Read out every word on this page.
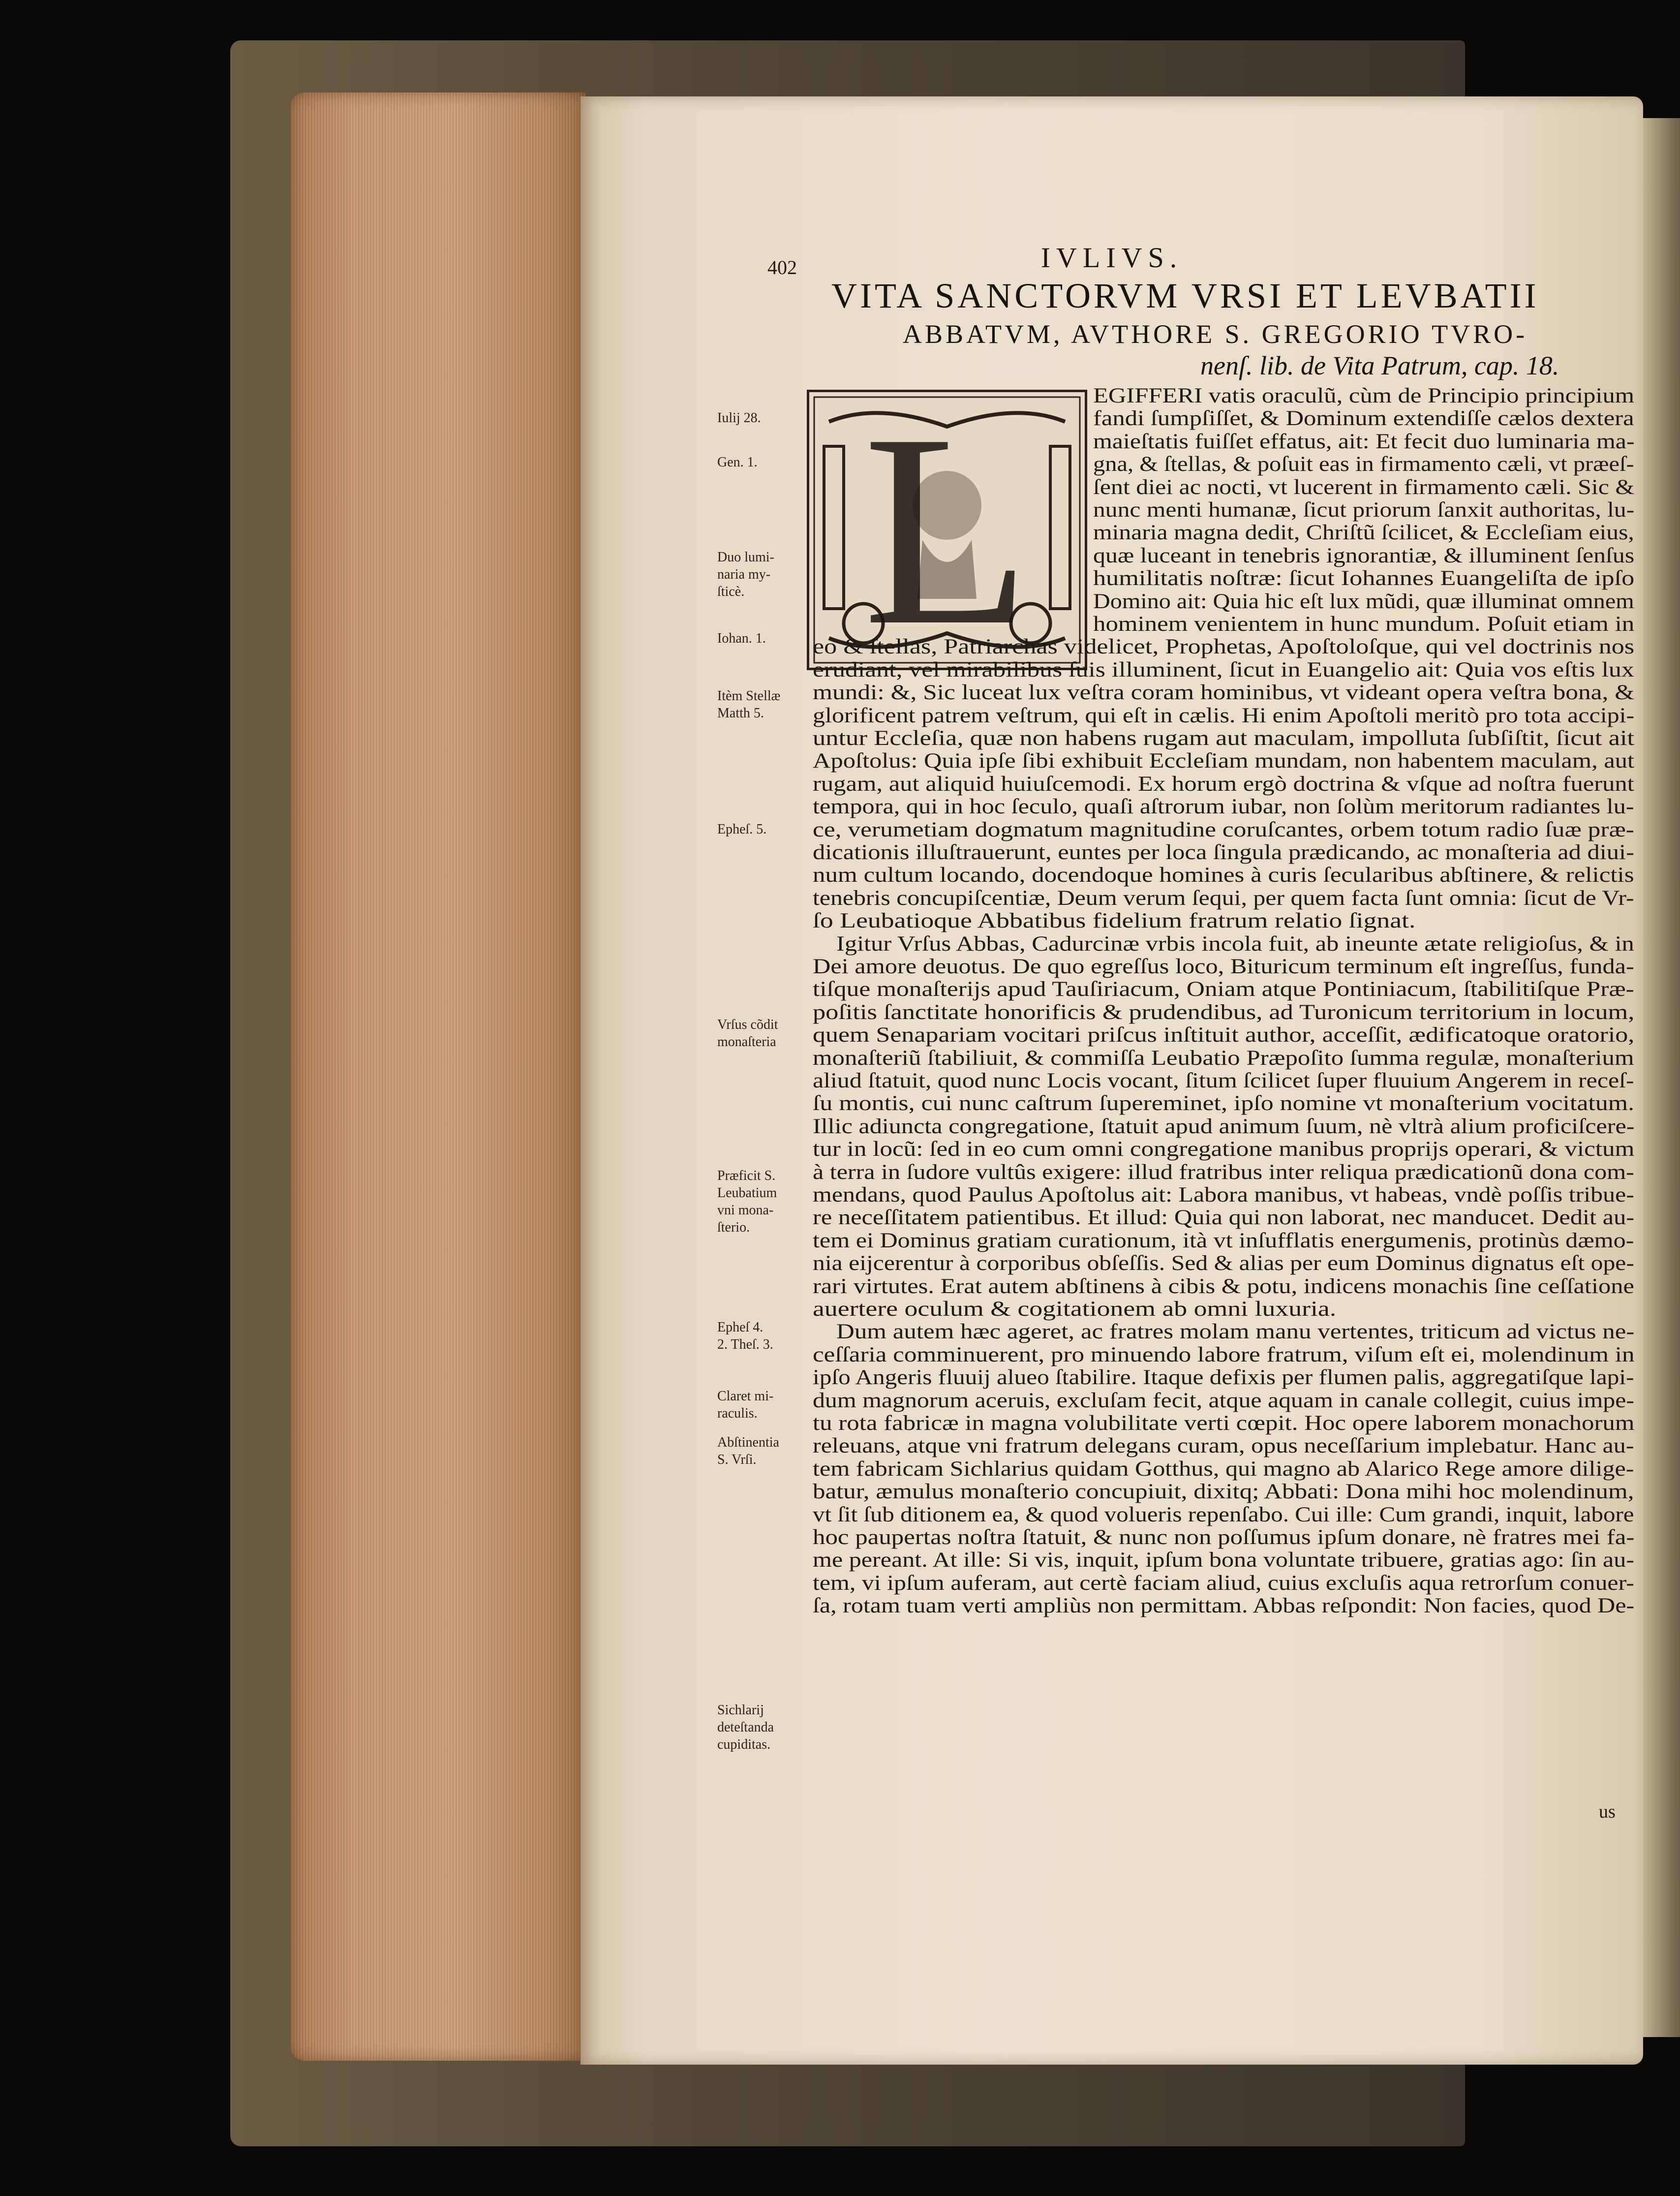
402	IVLIVS.
VITA SANCTORVM VRSI ET LEVBATII
ABBATVM, AVTHORE S. GREGORIO TVRO-
nenſ. lib. de Vita Patrum, cap. 18.
L
Iulij 28.
Gen. 1.
Duo lumi-
naria my-
ſticè.
Iohan. 1.
Itèm Stellæ
Matth 5.
Epheſ. 5.
Vrſus cõdit
monaſteria
Præficit S.
Leubatium
vni mona-
ſterio.
Epheſ 4.
2. Theſ. 3.
Claret mi-
raculis.
Abſtinentia
S. Vrſi.
Sichlarij
deteſtanda
cupiditas.
EGIFFERI vatis oraculũ, cùm de Principio principium
fandi ſumpſiſſet, & Dominum extendiſſe cælos dextera
maieſtatis fuiſſet effatus, ait: Et fecit duo luminaria ma-
gna, & ſtellas, & poſuit eas in firmamento cæli, vt præeſ-
ſent diei ac nocti, vt lucerent in firmamento cæli. Sic &
nunc menti humanæ, ſicut priorum ſanxit authoritas, lu-
minaria magna dedit, Chriſtũ ſcilicet, & Eccleſiam eius,
quæ luceant in tenebris ignorantiæ, & illuminent ſenſus
humilitatis noſtræ: ſicut Iohannes Euangeliſta de ipſo
Domino ait: Quia hic eſt lux mũdi, quæ illuminat omnem
hominem venientem in hunc mundum. Poſuit etiam in
eo & ſtellas, Patriarchas videlicet, Prophetas, Apoſtoloſque, qui vel doctrinis nos
erudiant, vel mirabilibus ſuis illuminent, ſicut in Euangelio ait: Quia vos eſtis lux
mundi: &, Sic luceat lux veſtra coram hominibus, vt videant opera veſtra bona, &
glorificent patrem veſtrum, qui eſt in cælis. Hi enim Apoſtoli meritò pro tota accipi-
untur Eccleſia, quæ non habens rugam aut maculam, impolluta ſubſiſtit, ſicut ait
Apoſtolus: Quia ipſe ſibi exhibuit Eccleſiam mundam, non habentem maculam, aut
rugam, aut aliquid huiuſcemodi. Ex horum ergò doctrina & vſque ad noſtra fuerunt
tempora, qui in hoc ſeculo, quaſi aſtrorum iubar, non ſolùm meritorum radiantes lu-
ce, verumetiam dogmatum magnitudine coruſcantes, orbem totum radio ſuæ præ-
dicationis illuſtrauerunt, euntes per loca ſingula prædicando, ac monaſteria ad diui-
num cultum locando, docendoque homines à curis ſecularibus abſtinere, & relictis
tenebris concupiſcentiæ, Deum verum ſequi, per quem facta ſunt omnia: ſicut de Vr-
ſo Leubatioque Abbatibus fidelium fratrum relatio ſignat.
Igitur Vrſus Abbas, Cadurcinæ vrbis incola fuit, ab ineunte ætate religioſus, & in
Dei amore deuotus. De quo egreſſus loco, Bituricum terminum eſt ingreſſus, funda-
tiſque monaſterijs apud Tauſiriacum, Oniam atque Pontiniacum, ſtabilitiſque Præ-
poſitis ſanctitate honorificis & prudendibus, ad Turonicum territorium in locum,
quem Senapariam vocitari priſcus inſtituit author, acceſſit, ædificatoque oratorio,
monaſteriũ ſtabiliuit, & commiſſa Leubatio Præpoſito ſumma regulæ, monaſterium
aliud ſtatuit, quod nunc Locis vocant, ſitum ſcilicet ſuper fluuium Angerem in receſ-
ſu montis, cui nunc caſtrum ſupereminet, ipſo nomine vt monaſterium vocitatum.
Illic adiuncta congregatione, ſtatuit apud animum ſuum, nè vltrà alium proficiſcere-
tur in locũ: ſed in eo cum omni congregatione manibus proprijs operari, & victum
à terra in ſudore vultûs exigere: illud fratribus inter reliqua prædicationũ dona com-
mendans, quod Paulus Apoſtolus ait: Labora manibus, vt habeas, vndè poſſis tribue-
re neceſſitatem patientibus. Et illud: Quia qui non laborat, nec manducet. Dedit au-
tem ei Dominus gratiam curationum, ità vt inſufflatis energumenis, protinùs dæmo-
nia eijcerentur à corporibus obſeſſis. Sed & alias per eum Dominus dignatus eſt ope-
rari virtutes. Erat autem abſtinens à cibis & potu, indicens monachis ſine ceſſatione
auertere oculum & cogitationem ab omni luxuria.
Dum autem hæc ageret, ac fratres molam manu vertentes, triticum ad victus ne-
ceſſaria comminuerent, pro minuendo labore fratrum, viſum eſt ei, molendinum in
ipſo Angeris fluuij alueo ſtabilire. Itaque defixis per flumen palis, aggregatiſque lapi-
dum magnorum aceruis, excluſam fecit, atque aquam in canale collegit, cuius impe-
tu rota fabricæ in magna volubilitate verti cœpit. Hoc opere laborem monachorum
releuans, atque vni fratrum delegans curam, opus neceſſarium implebatur. Hanc au-
tem fabricam Sichlarius quidam Gotthus, qui magno ab Alarico Rege amore dilige-
batur, æmulus monaſterio concupiuit, dixitq; Abbati: Dona mihi hoc molendinum,
vt ſit ſub ditionem ea, & quod volueris repenſabo. Cui ille: Cum grandi, inquit, labore
hoc paupertas noſtra ſtatuit, & nunc non poſſumus ipſum donare, nè fratres mei fa-
me pereant. At ille: Si vis, inquit, ipſum bona voluntate tribuere, gratias ago: ſin au-
tem, vi ipſum auferam, aut certè faciam aliud, cuius excluſis aqua retrorſum conuer-
ſa, rotam tuam verti ampliùs non permittam. Abbas reſpondit: Non facies, quod De-
us
